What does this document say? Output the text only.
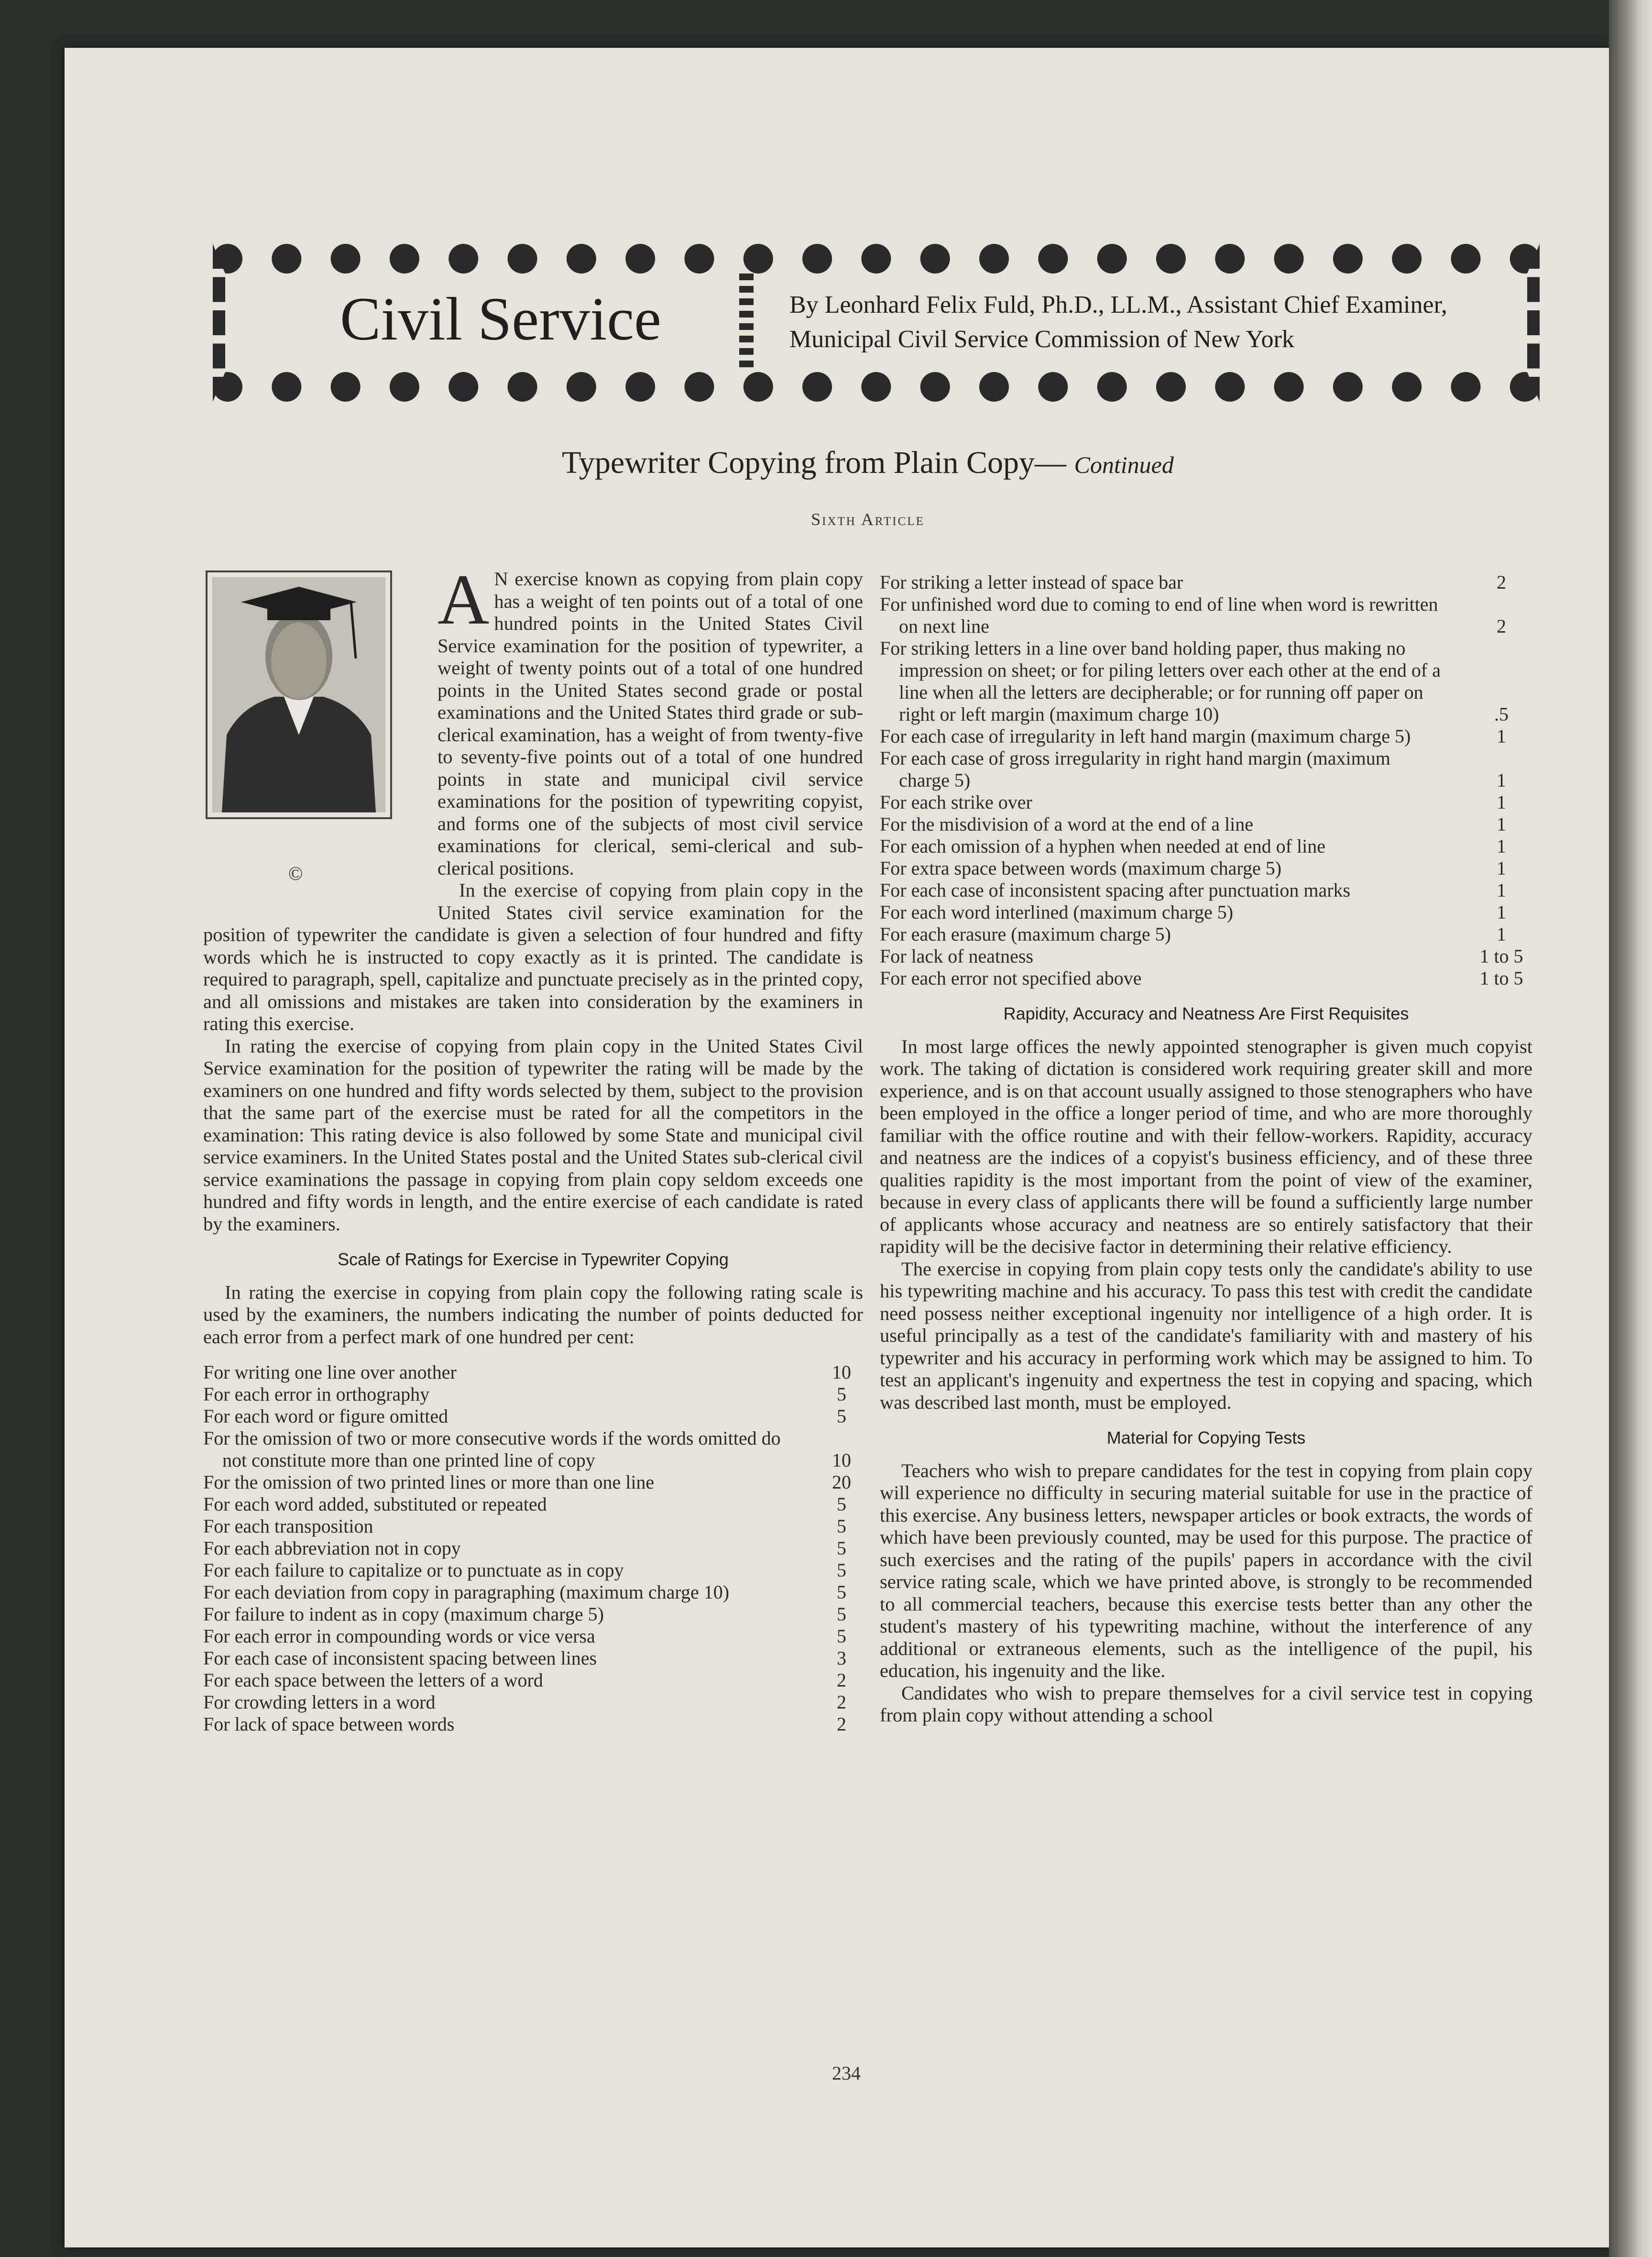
Civil Service	By Leonhard Felix Fuld, Ph.D., LL.M., Assistant Chief Examiner, Municipal Civil Service Commission of New York
Typewriter Copying from Plain Copy— Continued
Sixth Article
©

A N exercise known as copying from plain copy has a weight of ten points out of a total of one hundred points in the United States Civil Service examination for the position of typewriter, a weight of twenty points out of a total of one hundred points in the United States second grade or postal examinations and the United States third grade or sub-clerical examination, has a weight of from twenty-five to seventy-five points out of a total of one hundred points in state and municipal civil service examinations for the position of typewriting copyist, and forms one of the subjects of most civil service examinations for clerical, semi-clerical and sub-clerical positions.

In the exercise of copying from plain copy in the United States civil service examination for the position of typewriter the candidate is given a selection of four hundred and fifty words which he is instructed to copy exactly as it is printed. The candidate is required to paragraph, spell, capitalize and punctuate precisely as in the printed copy, and all omissions and mistakes are taken into consideration by the examiners in rating this exercise.

In rating the exercise of copying from plain copy in the United States Civil Service examination for the position of typewriter the rating will be made by the examiners on one hundred and fifty words selected by them, subject to the provision that the same part of the exercise must be rated for all the competitors in the examination: This rating device is also followed by some State and municipal civil service examiners. In the United States postal and the United States sub-clerical civil service examinations the passage in copying from plain copy seldom exceeds one hundred and fifty words in length, and the entire exercise of each candidate is rated by the examiners.

Scale of Ratings for Exercise in Typewriter Copying

In rating the exercise in copying from plain copy the following rating scale is used by the examiners, the numbers indicating the number of points deducted for each error from a perfect mark of one hundred per cent:

For writing one line over another	10
For each error in orthography	5
For each word or figure omitted	5
For the omission of two or more consecutive words if the words omitted do not constitute more than one printed line of copy	10
For the omission of two printed lines or more than one line	20
For each word added, substituted or repeated	5
For each transposition	5
For each abbreviation not in copy	5
For each failure to capitalize or to punctuate as in copy	5
For each deviation from copy in paragraphing (maximum charge 10)	5
For failure to indent as in copy (maximum charge 5)	5
For each error in compounding words or vice versa	5
For each case of inconsistent spacing between lines	3
For each space between the letters of a word	2
For crowding letters in a word	2
For lack of space between words	2
For striking a letter instead of space bar	2
For unfinished word due to coming to end of line when word is rewritten on next line	2
For striking letters in a line over band holding paper, thus making no impression on sheet; or for piling letters over each other at the end of a line when all the letters are decipherable; or for running off paper on right or left margin (maximum charge 10)	.5
For each case of irregularity in left hand margin (maximum charge 5)	1
For each case of gross irregularity in right hand margin (maximum charge 5)	1
For each strike over	1
For the misdivision of a word at the end of a line	1
For each omission of a hyphen when needed at end of line	1
For extra space between words (maximum charge 5)	1
For each case of inconsistent spacing after punctuation marks	1
For each word interlined (maximum charge 5)	1
For each erasure (maximum charge 5)	1
For lack of neatness	1 to 5
For each error not specified above	1 to 5
Rapidity, Accuracy and Neatness Are First Requisites

In most large offices the newly appointed stenographer is given much copyist work. The taking of dictation is considered work requiring greater skill and more experience, and is on that account usually assigned to those stenographers who have been employed in the office a longer period of time, and who are more thoroughly familiar with the office routine and with their fellow-workers. Rapidity, accuracy and neatness are the indices of a copyist's business efficiency, and of these three qualities rapidity is the most important from the point of view of the examiner, because in every class of applicants there will be found a sufficiently large number of applicants whose accuracy and neatness are so entirely satisfactory that their rapidity will be the decisive factor in determining their relative efficiency.

The exercise in copying from plain copy tests only the candidate's ability to use his typewriting machine and his accuracy. To pass this test with credit the candidate need possess neither exceptional ingenuity nor intelligence of a high order. It is useful principally as a test of the candidate's familiarity with and mastery of his typewriter and his accuracy in performing work which may be assigned to him. To test an applicant's ingenuity and expertness the test in copying and spacing, which was described last month, must be employed.

Material for Copying Tests

Teachers who wish to prepare candidates for the test in copying from plain copy will experience no difficulty in securing material suitable for use in the practice of this exercise. Any business letters, newspaper articles or book extracts, the words of which have been previously counted, may be used for this purpose. The practice of such exercises and the rating of the pupils' papers in accordance with the civil service rating scale, which we have printed above, is strongly to be recommended to all commercial teachers, because this exercise tests better than any other the student's mastery of his typewriting machine, without the interference of any additional or extraneous elements, such as the intelligence of the pupil, his education, his ingenuity and the like.

Candidates who wish to prepare themselves for a civil service test in copying from plain copy without attending a school

234
